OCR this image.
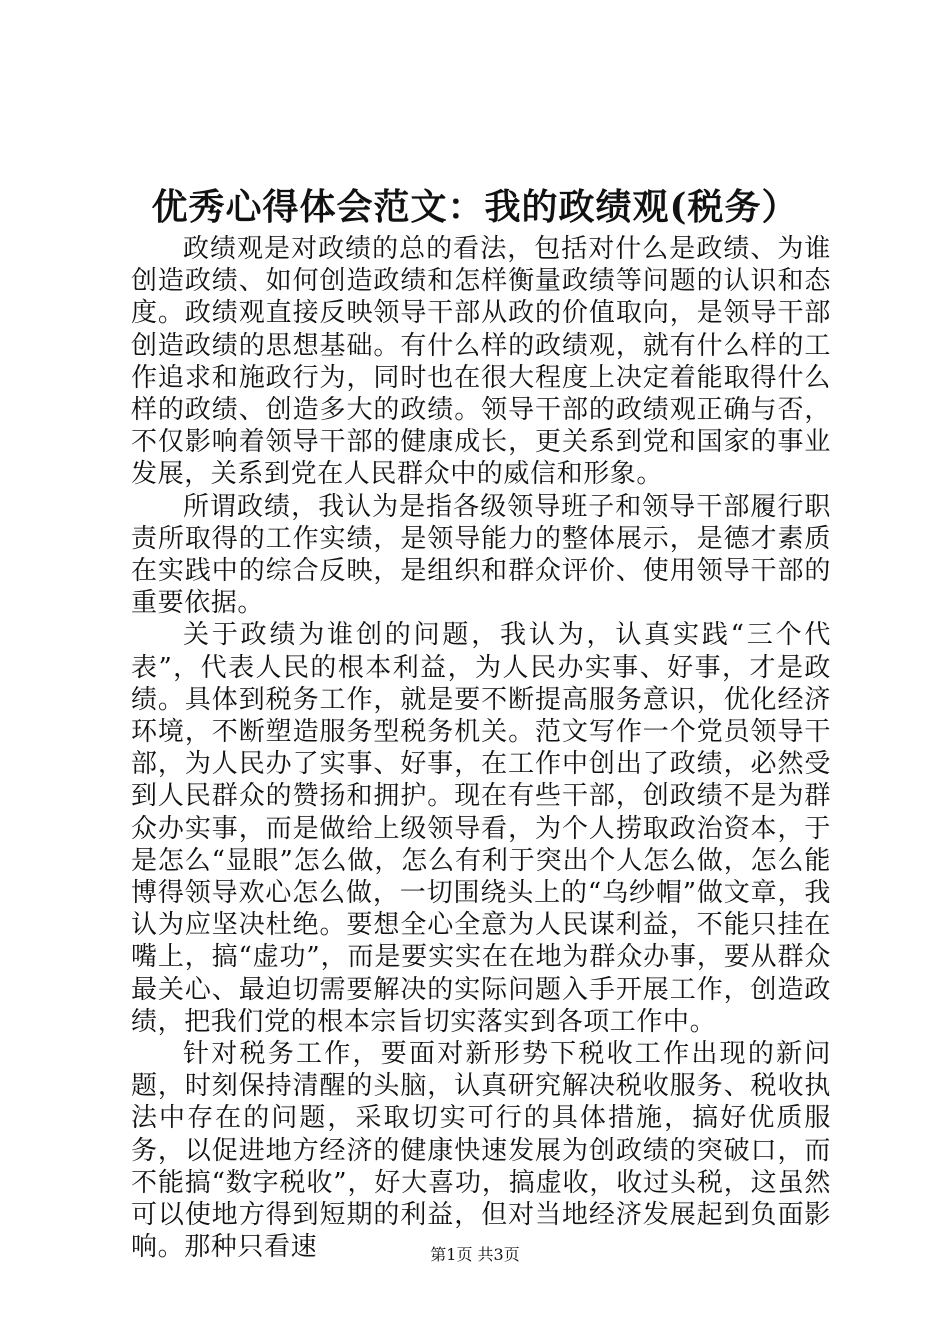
优秀心得体会范文：我的政绩观(税务）

政绩观是对政绩的总的看法，包括对什么是政绩、为谁创造政绩、如何创造政绩和怎样衡量政绩等问题的认识和态度。政绩观直接反映领导干部从政的价值取向，是领导干部创造政绩的思想基础。有什么样的政绩观，就有什么样的工作追求和施政行为，同时也在很大程度上决定着能取得什么样的政绩、创造多大的政绩。领导干部的政绩观正确与否，不仅影响着领导干部的健康成长，更关系到党和国家的事业发展，关系到党在人民群众中的威信和形象。

所谓政绩，我认为是指各级领导班子和领导干部履行职责所取得的工作实绩，是领导能力的整体展示，是德才素质在实践中的综合反映，是组织和群众评价、使用领导干部的重要依据。

关于政绩为谁创的问题，我认为，认真实践“三个代表”，代表人民的根本利益，为人民办实事、好事，才是政绩。具体到税务工作，就是要不断提高服务意识，优化经济环境，不断塑造服务型税务机关。范文写作一个党员领导干部，为人民办了实事、好事，在工作中创出了政绩，必然受到人民群众的赞扬和拥护。现在有些干部，创政绩不是为群众办实事，而是做给上级领导看，为个人捞取政治资本，于是怎么“显眼”怎么做，怎么有利于突出个人怎么做，怎么能博得领导欢心怎么做，一切围绕头上的“乌纱帽”做文章，我认为应坚决杜绝。要想全心全意为人民谋利益，不能只挂在嘴上，搞“虚功”，而是要实实在在地为群众办事，要从群众最关心、最迫切需要解决的实际问题入手开展工作，创造政绩，把我们党的根本宗旨切实落实到各项工作中。

针对税务工作，要面对新形势下税收工作出现的新问题，时刻保持清醒的头脑，认真研究解决税收服务、税收执法中存在的问题，采取切实可行的具体措施，搞好优质服务，以促进地方经济的健康快速发展为创政绩的突破口，而不能搞“数字税收”，好大喜功，搞虚收，收过头税，这虽然可以使地方得到短期的利益，但对当地经济发展起到负面影响。那种只看速	第1页 共3页
